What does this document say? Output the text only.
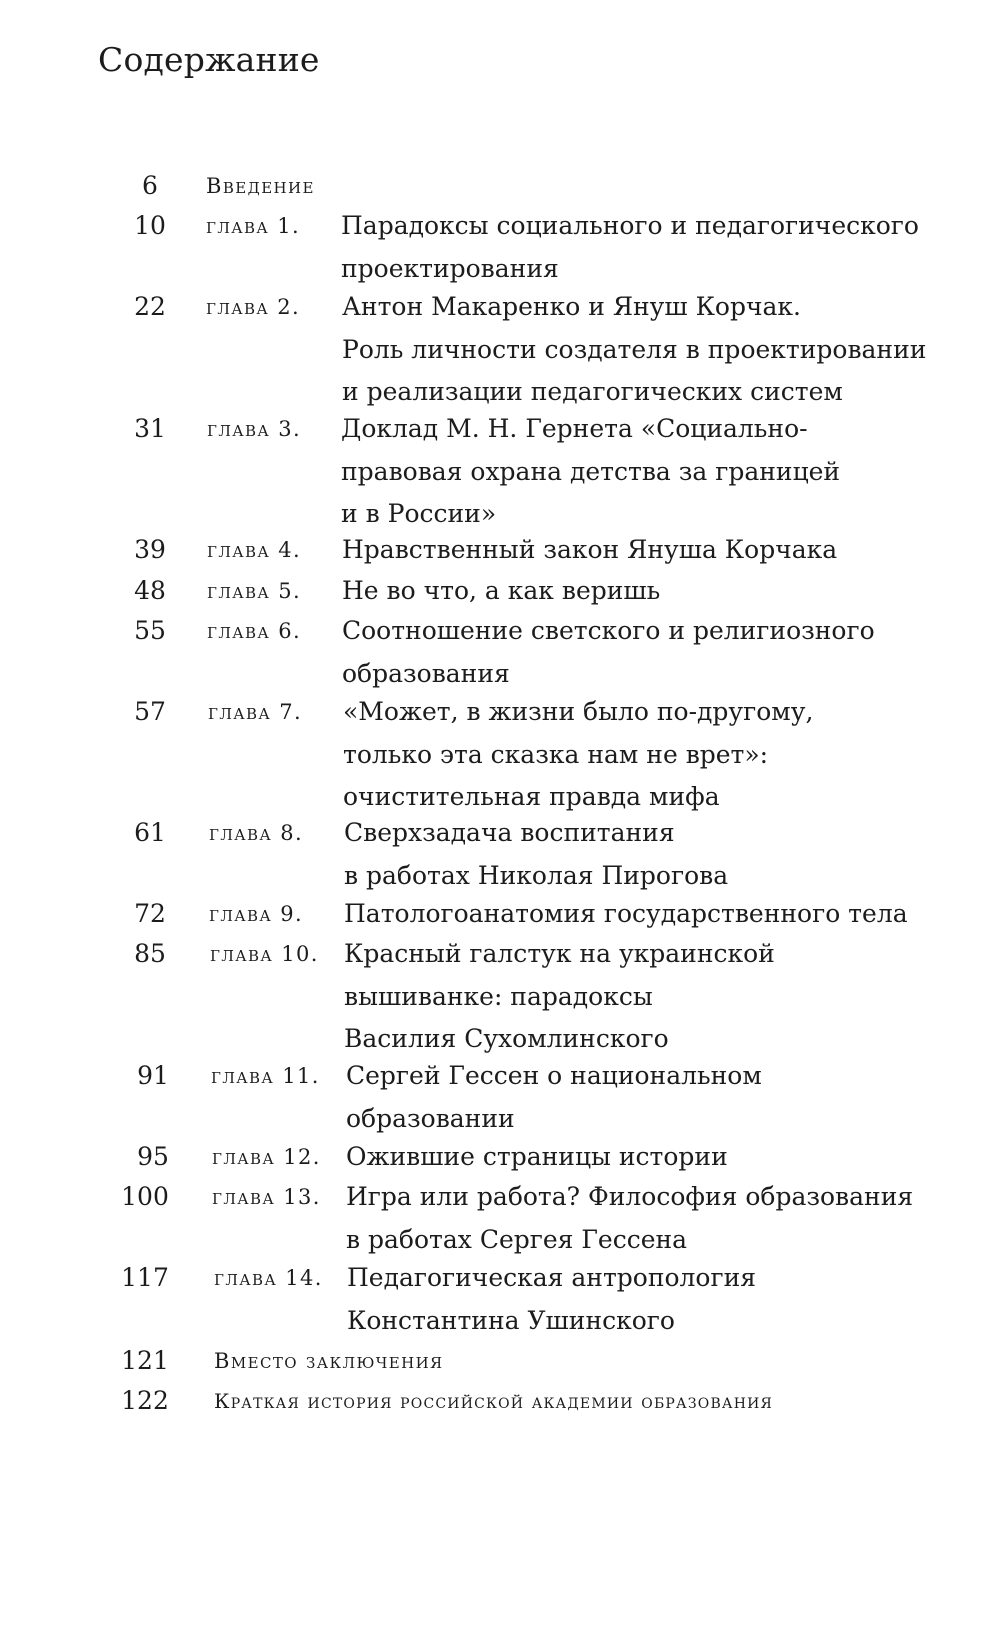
Содержание
6	введение
10	глава 1. Парадоксы социального и педагогического
проектирования
22	глава 2. Антон Макаренко и Януш Корчак.
Роль личности создателя в проектировании
и реализации педагогических систем
31	глава 3. Доклад М. Н. Гернета «Социально-
правовая охрана детства за границей
и в России»
39	глава 4. Нравственный закон Януша Корчака
48	глава 5. Не во что, а как веришь
55	глава 6. Соотношение светского и религиозного
образования
57	глава 7. «Может, в жизни было по-другому,
только эта сказка нам не врет»:
очистительная правда мифа
61	глава 8. Сверхзадача воспитания
в работах Николая Пирогова
72	глава 9. Патологоанатомия государственного тела
85	глава 10. Красный галстук на украинской
вышиванке: парадоксы
Василия Сухомлинского
91	глава 11. Сергей Гессен о национальном
образовании
95	глава 12. Ожившие страницы истории
100	глава 13. Игра или работа? Философия образования
в работах Сергея Гессена
117	глава 14. Педагогическая антропология
Константина Ушинского
121	вместо заключения
122	краткая история российской академии образования
